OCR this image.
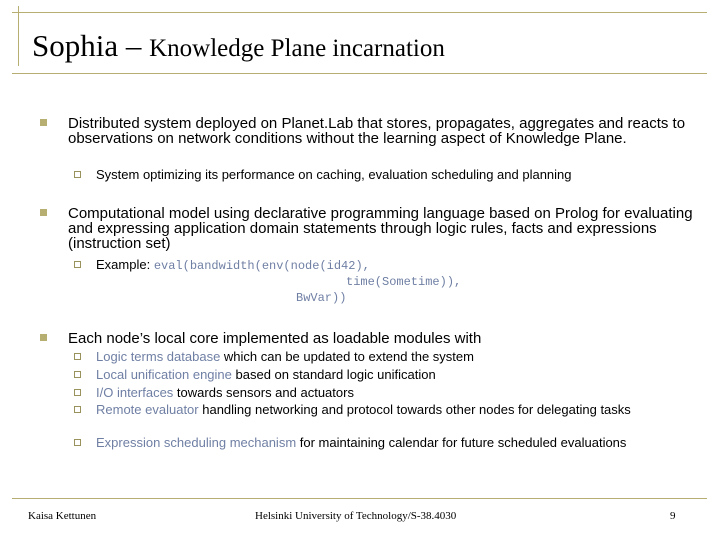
Sophia – Knowledge Plane incarnation
Distributed system deployed on Planet.Lab that stores, propagates, aggregates and reacts to observations on network conditions without the learning aspect of Knowledge Plane.
System optimizing its performance on caching, evaluation scheduling and planning
Computational model using declarative programming language based on Prolog for evaluating and expressing application domain statements through logic rules, facts and expressions (instruction set)
Example: eval(bandwidth(env(node(id42),
time(Sometime)),
BwVar))
Each node’s local core implemented as loadable modules with
Logic terms database which can be updated to extend the system
Local unification engine based on standard logic unification
I/O interfaces towards sensors and actuators
Remote evaluator handling networking and protocol towards other nodes for delegating tasks
Expression scheduling mechanism for maintaining calendar for future scheduled evaluations
Kaisa Kettunen	Helsinki University of Technology/S-38.4030	9
